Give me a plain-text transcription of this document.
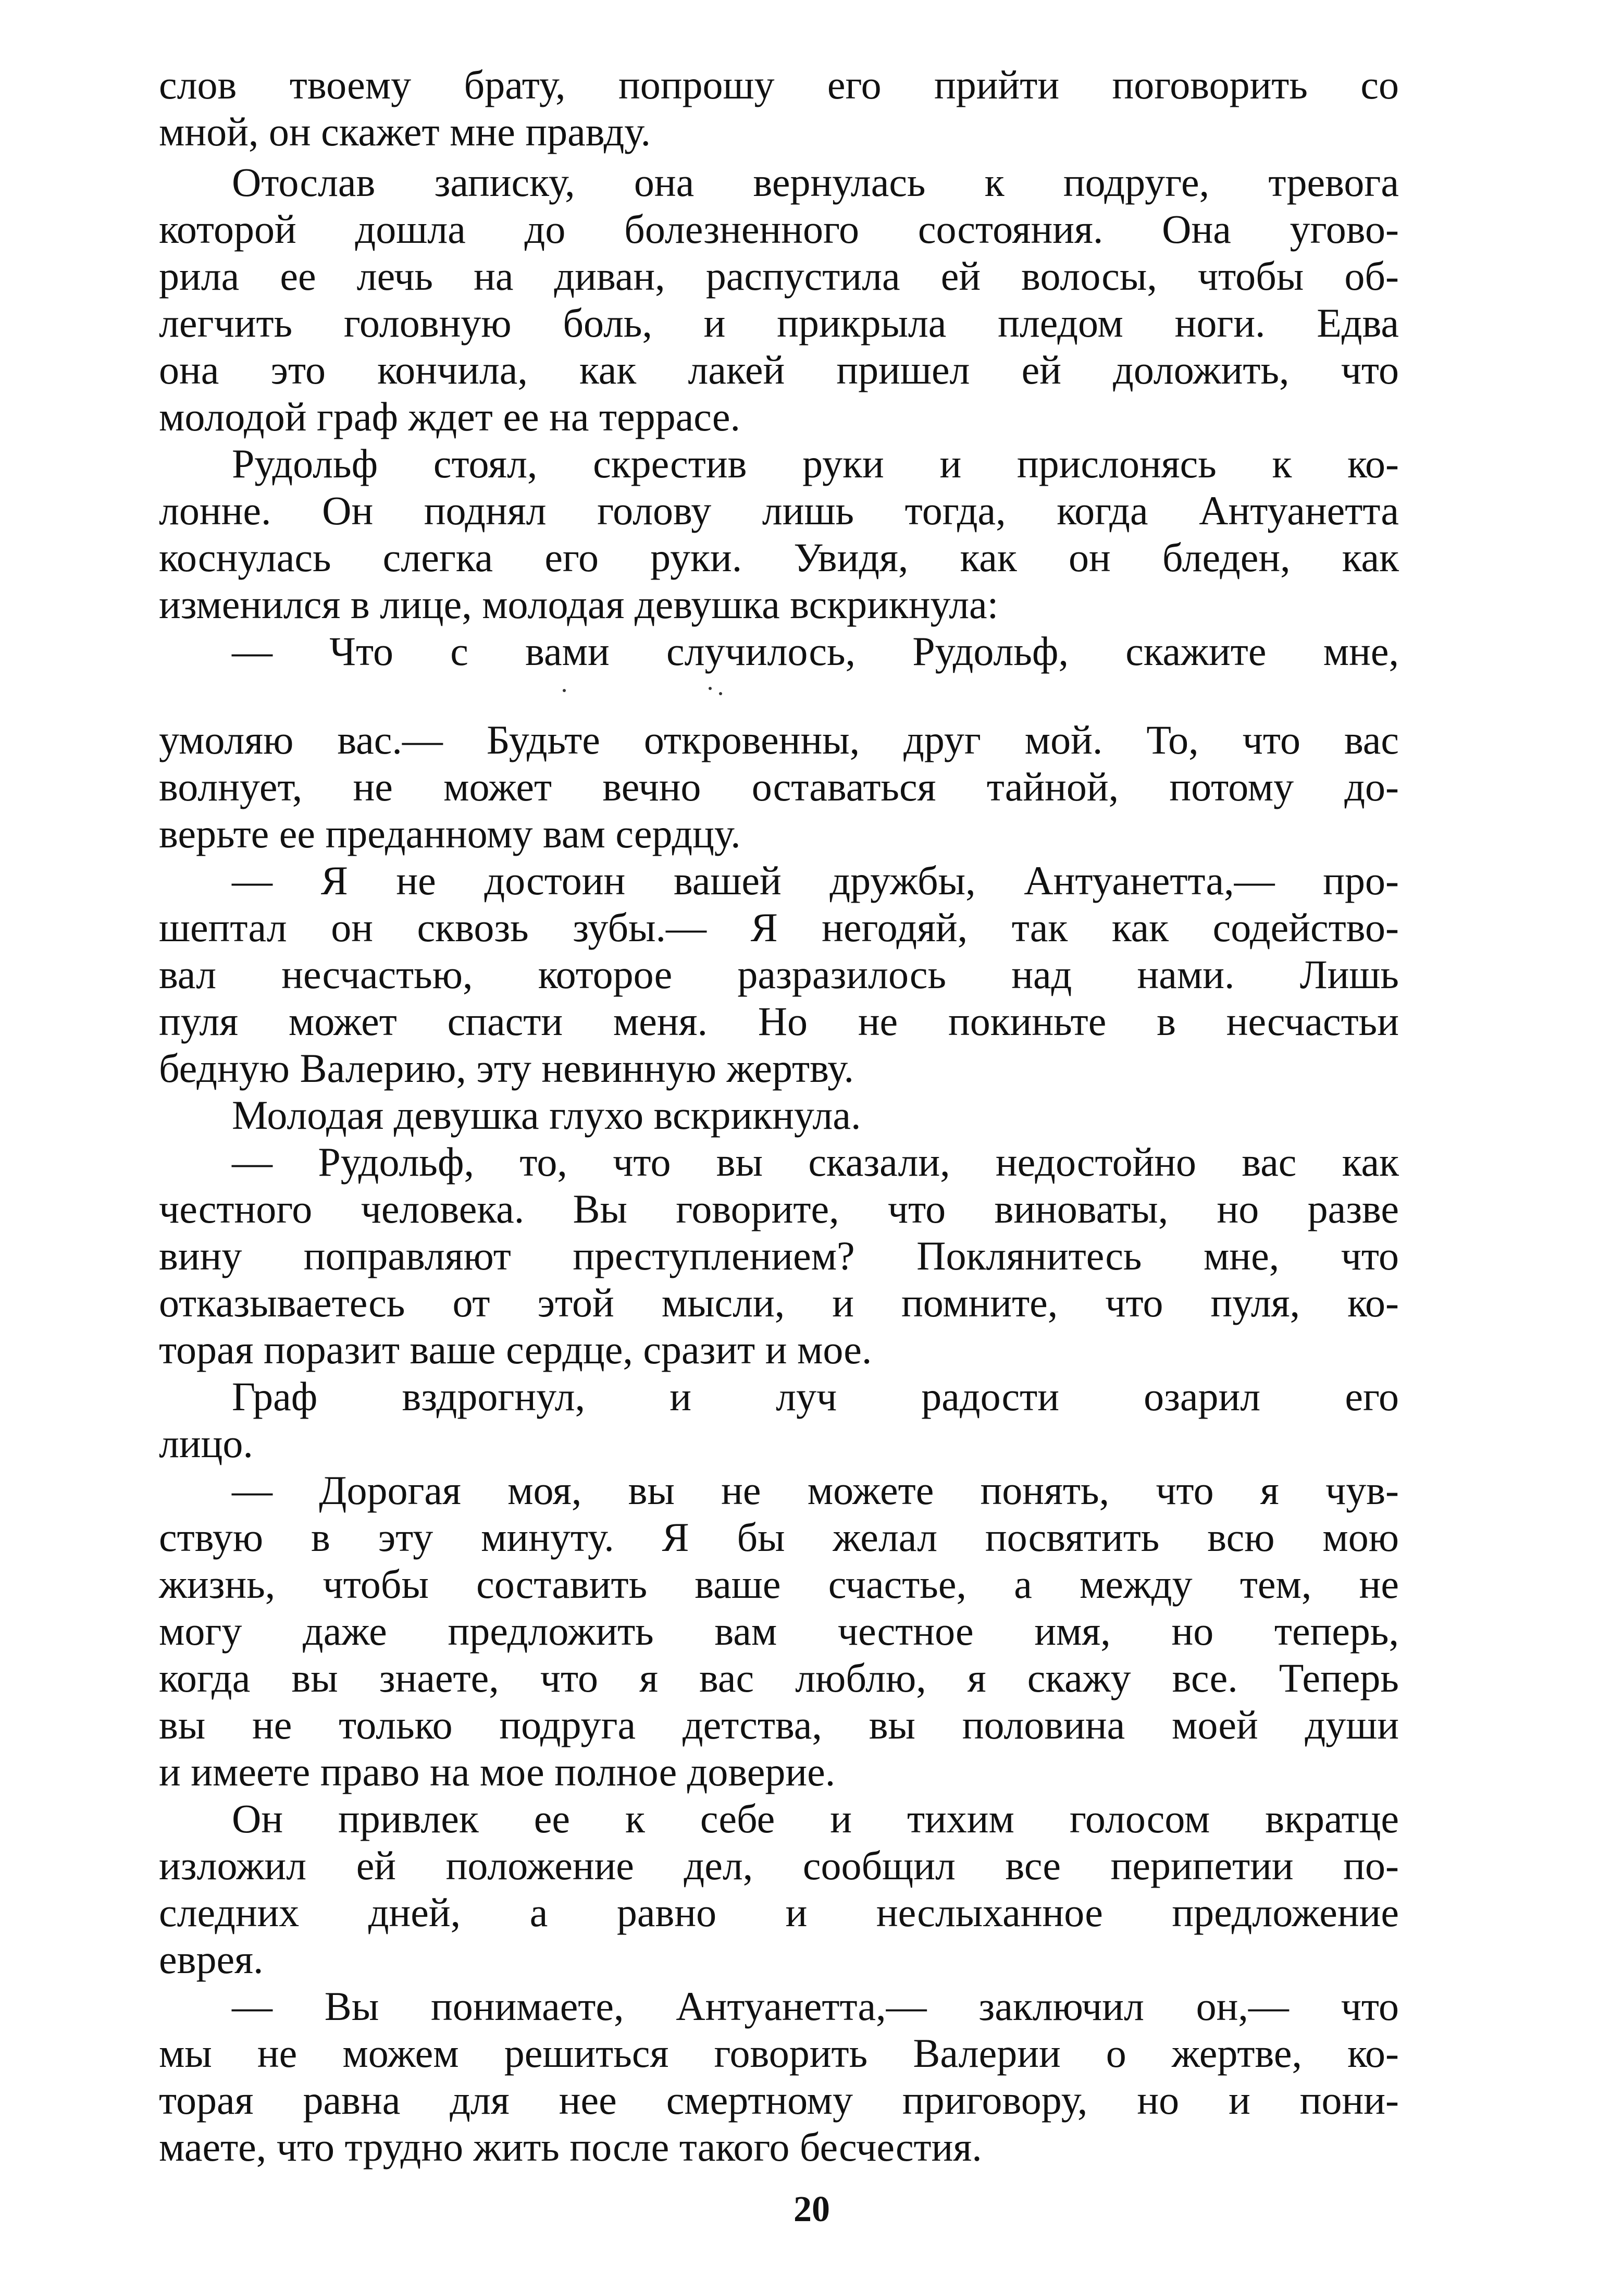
слов твоему брату, попрошу его прийти поговорить со
мной, он скажет мне правду.
Отослав записку, она вернулась к подруге, тревога
которой дошла до болезненного состояния. Она угово-
рила ее лечь на диван, распустила ей волосы, чтобы об-
легчить головную боль, и прикрыла пледом ноги. Едва
она это кончила, как лакей пришел ей доложить, что
молодой граф ждет ее на террасе.
Рудольф стоял, скрестив руки и прислонясь к ко-
лонне. Он поднял голову лишь тогда, когда Антуанетта
коснулась слегка его руки. Увидя, как он бледен, как
изменился в лице, молодая девушка вскрикнула:
— Что с вами случилось, Рудольф, скажите мне,
умоляю вас.— Будьте откровенны, друг мой. То, что вас
волнует, не может вечно оставаться тайной, потому до-
верьте ее преданному вам сердцу.
— Я не достоин вашей дружбы, Антуанетта,— про-
шептал он сквозь зубы.— Я негодяй, так как содейство-
вал несчастью, которое разразилось над нами. Лишь
пуля может спасти меня. Но не покиньте в несчастьи
бедную Валерию, эту невинную жертву.
Молодая девушка глухо вскрикнула.
— Рудольф, то, что вы сказали, недостойно вас как
честного человека. Вы говорите, что виноваты, но разве
вину поправляют преступлением? Поклянитесь мне, что
отказываетесь от этой мысли, и помните, что пуля, ко-
торая поразит ваше сердце, сразит и мое.
Граф вздрогнул, и луч радости озарил его
лицо.
— Дорогая моя, вы не можете понять, что я чув-
ствую в эту минуту. Я бы желал посвятить всю мою
жизнь, чтобы составить ваше счастье, а между тем, не
могу даже предложить вам честное имя, но теперь,
когда вы знаете, что я вас люблю, я скажу все. Теперь
вы не только подруга детства, вы половина моей души
и имеете право на мое полное доверие.
Он привлек ее к себе и тихим голосом вкратце
изложил ей положение дел, сообщил все перипетии по-
следних дней, а равно и неслыханное предложение
еврея.
— Вы понимаете, Антуанетта,— заключил он,— что
мы не можем решиться говорить Валерии о жертве, ко-
торая равна для нее смертному приговору, но и пони-
маете, что трудно жить после такого бесчестия.
20
